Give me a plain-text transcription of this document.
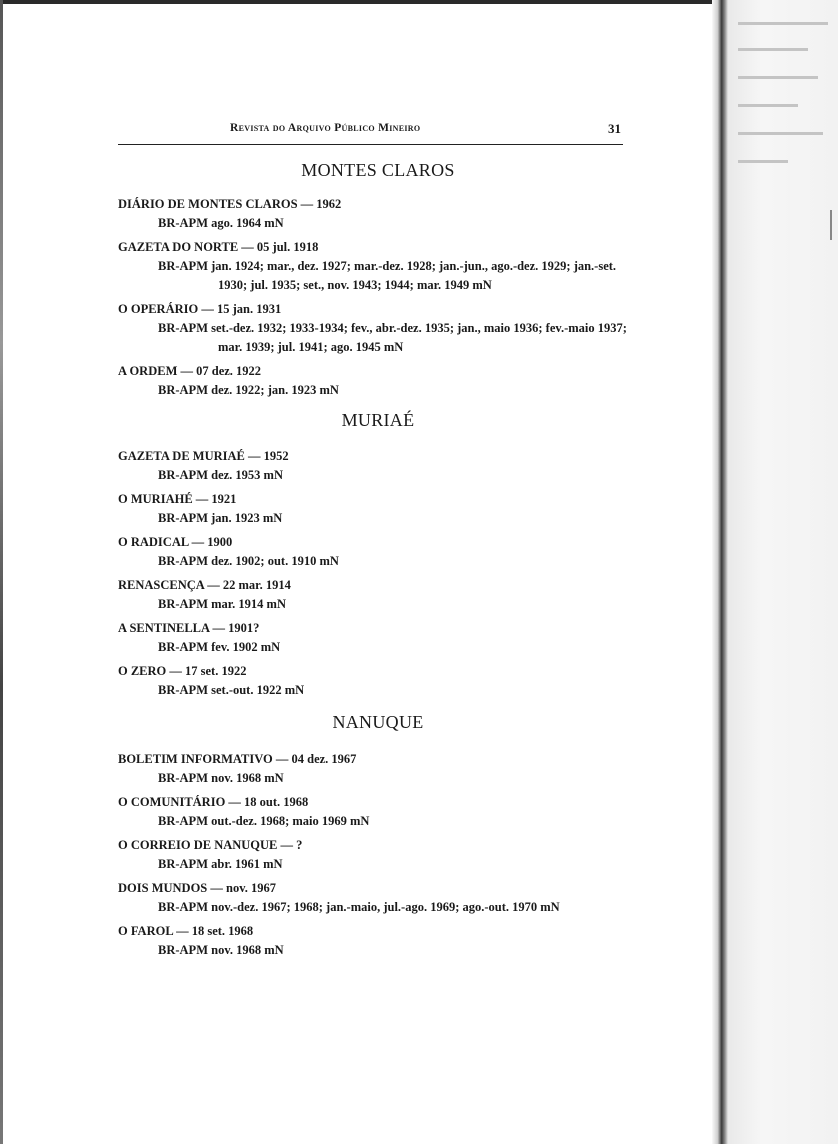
Revista do Arquivo Público Mineiro	31
MONTES CLAROS
DIÁRIO DE MONTES CLAROS — 1962
BR-APM ago. 1964 mN
GAZETA DO NORTE — 05 jul. 1918
BR-APM jan. 1924; mar., dez. 1927; mar.-dez. 1928; jan.-jun., ago.-dez. 1929; jan.-set. 1930; jul. 1935; set., nov. 1943; 1944; mar. 1949 mN
O OPERÁRIO — 15 jan. 1931
BR-APM set.-dez. 1932; 1933-1934; fev., abr.-dez. 1935; jan., maio 1936; fev.-maio 1937; mar. 1939; jul. 1941; ago. 1945 mN
A ORDEM — 07 dez. 1922
BR-APM dez. 1922; jan. 1923 mN
MURIAÉ
GAZETA DE MURIAÉ — 1952
BR-APM dez. 1953 mN
O MURIAHÉ — 1921
BR-APM jan. 1923 mN
O RADICAL — 1900
BR-APM dez. 1902; out. 1910 mN
RENASCENÇA — 22 mar. 1914
BR-APM mar. 1914 mN
A SENTINELLA — 1901?
BR-APM fev. 1902 mN
O ZERO — 17 set. 1922
BR-APM set.-out. 1922 mN
NANUQUE
BOLETIM INFORMATIVO — 04 dez. 1967
BR-APM nov. 1968 mN
O COMUNITÁRIO — 18 out. 1968
BR-APM out.-dez. 1968; maio 1969 mN
O CORREIO DE NANUQUE — ?
BR-APM abr. 1961 mN
DOIS MUNDOS — nov. 1967
BR-APM nov.-dez. 1967; 1968; jan.-maio, jul.-ago. 1969; ago.-out. 1970 mN
O FAROL — 18 set. 1968
BR-APM nov. 1968 mN
